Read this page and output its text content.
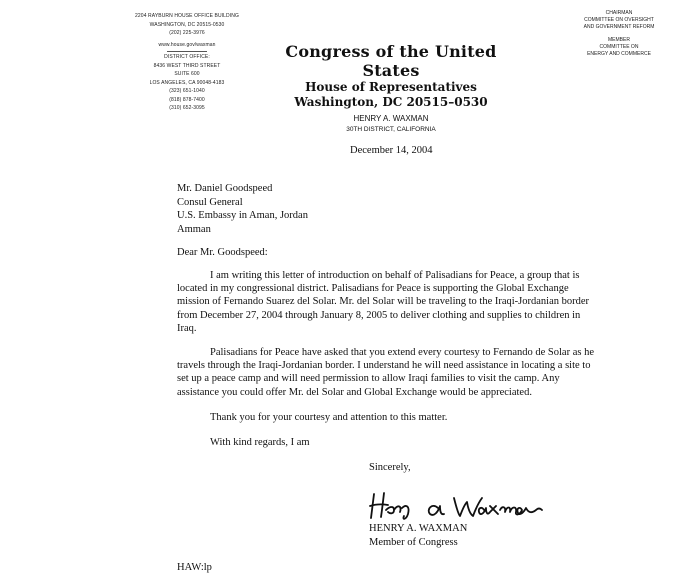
2204 RAYBURN HOUSE OFFICE BUILDING
WASHINGTON, DC 20515-0530
(202) 225-3976
www.house.gov/waxman
DISTRICT OFFICE:
8436 WEST THIRD STREET
SUITE 600
LOS ANGELES, CA 90048-4183
(323) 651-1040
(818) 878-7400
(310) 652-3095
CHAIRMAN
COMMITTEE ON OVERSIGHT
AND GOVERNMENT REFORM
MEMBER
COMMITTEE ON
ENERGY AND COMMERCE
Congress of the United States
House of Representatives
Washington, DC 20515–0530
HENRY A. WAXMAN
30TH DISTRICT, CALIFORNIA
December 14, 2004
Mr. Daniel Goodspeed
Consul General
U.S. Embassy in Aman, Jordan
Amman
Dear Mr. Goodspeed:

I am writing this letter of introduction on behalf of Palisadians for Peace, a group that is located in my congressional district. Palisadians for Peace is supporting the Global Exchange mission of Fernando Suarez del Solar. Mr. del Solar will be traveling to the Iraqi-Jordanian border from December 27, 2004 through January 8, 2005 to deliver clothing and supplies to children in Iraq.

Palisadians for Peace have asked that you extend every courtesy to Fernando de Solar as he travels through the Iraqi-Jordanian border. I understand he will need assistance in locating a site to set up a peace camp and will need permission to allow Iraqi families to visit the camp. Any assistance you could offer Mr. del Solar and Global Exchange would be appreciated.

Thank you for your courtesy and attention to this matter.

With kind regards, I am

Sincerely,
HENRY A. WAXMAN
Member of Congress
HAW:lp
